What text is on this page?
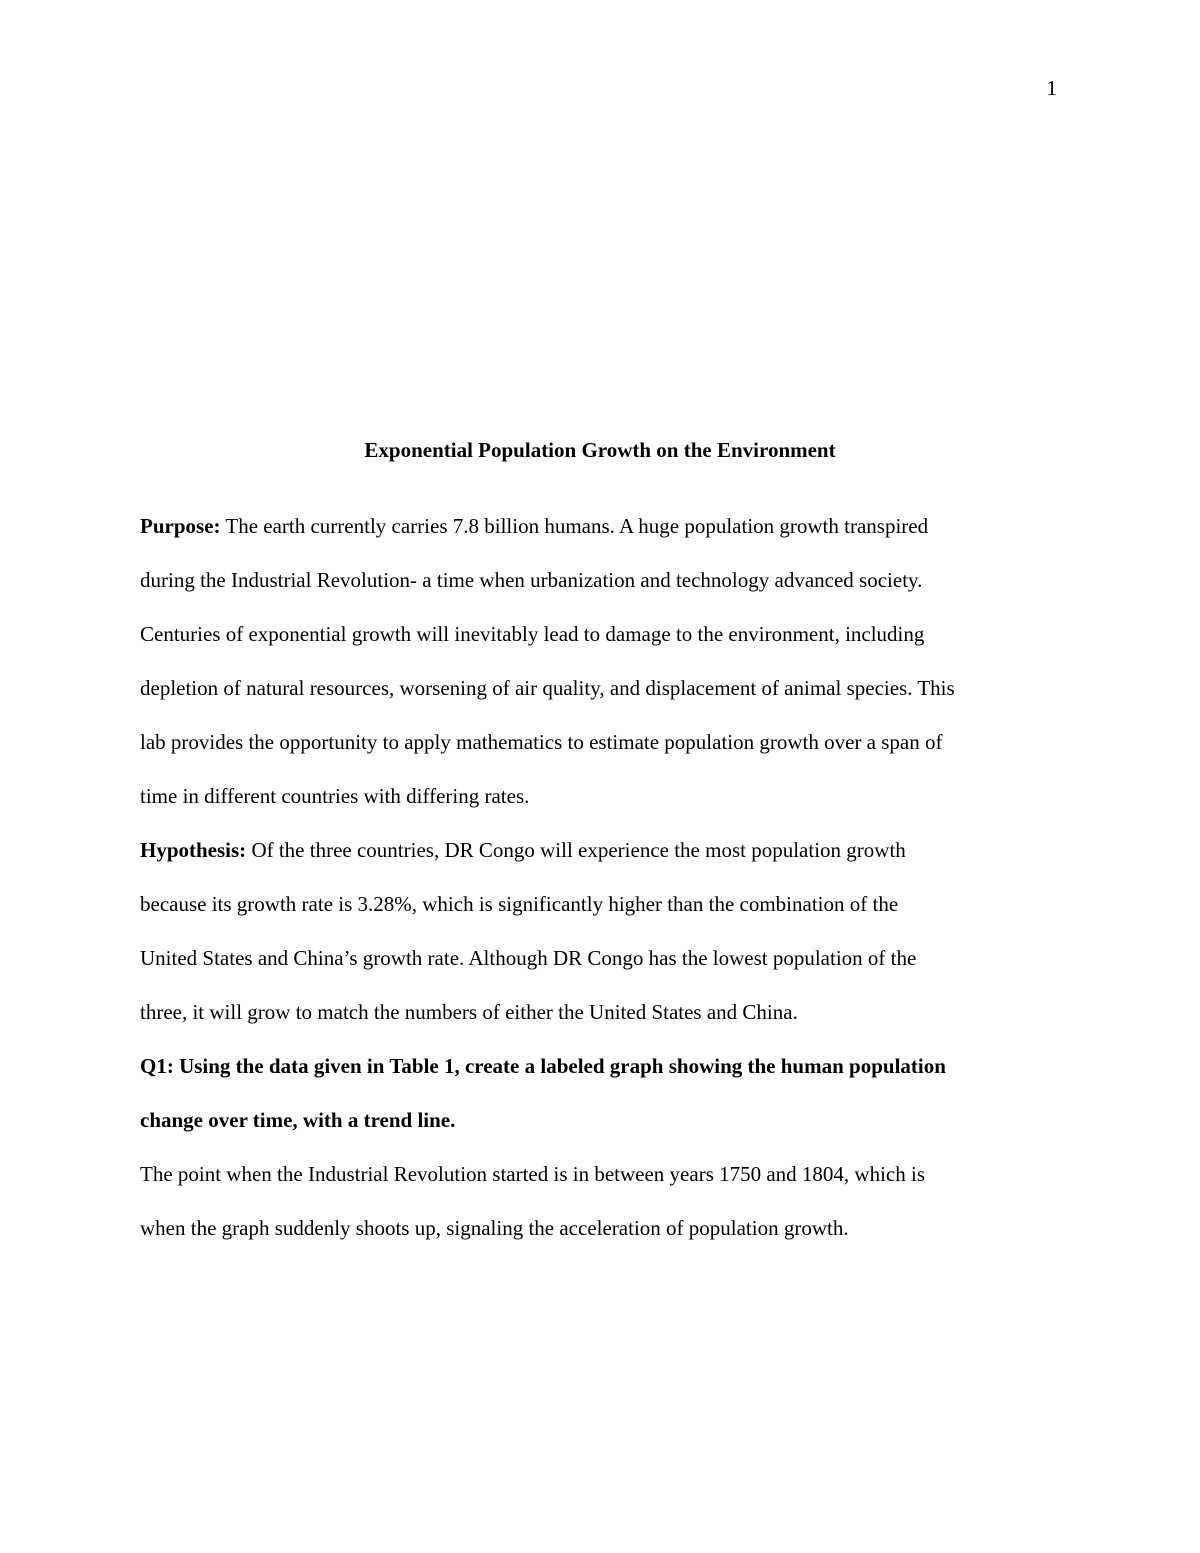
1
Exponential Population Growth on the Environment

Purpose: The earth currently carries 7.8 billion humans. A huge population growth transpired
during the Industrial Revolution- a time when urbanization and technology advanced society.
Centuries of exponential growth will inevitably lead to damage to the environment, including
depletion of natural resources, worsening of air quality, and displacement of animal species. This
lab provides the opportunity to apply mathematics to estimate population growth over a span of
time in different countries with differing rates.

Hypothesis: Of the three countries, DR Congo will experience the most population growth
because its growth rate is 3.28%, which is significantly higher than the combination of the
United States and China’s growth rate. Although DR Congo has the lowest population of the
three, it will grow to match the numbers of either the United States and China.

Q1: Using the data given in Table 1, create a labeled graph showing the human population
change over time, with a trend line.

The point when the Industrial Revolution started is in between years 1750 and 1804, which is
when the graph suddenly shoots up, signaling the acceleration of population growth.
